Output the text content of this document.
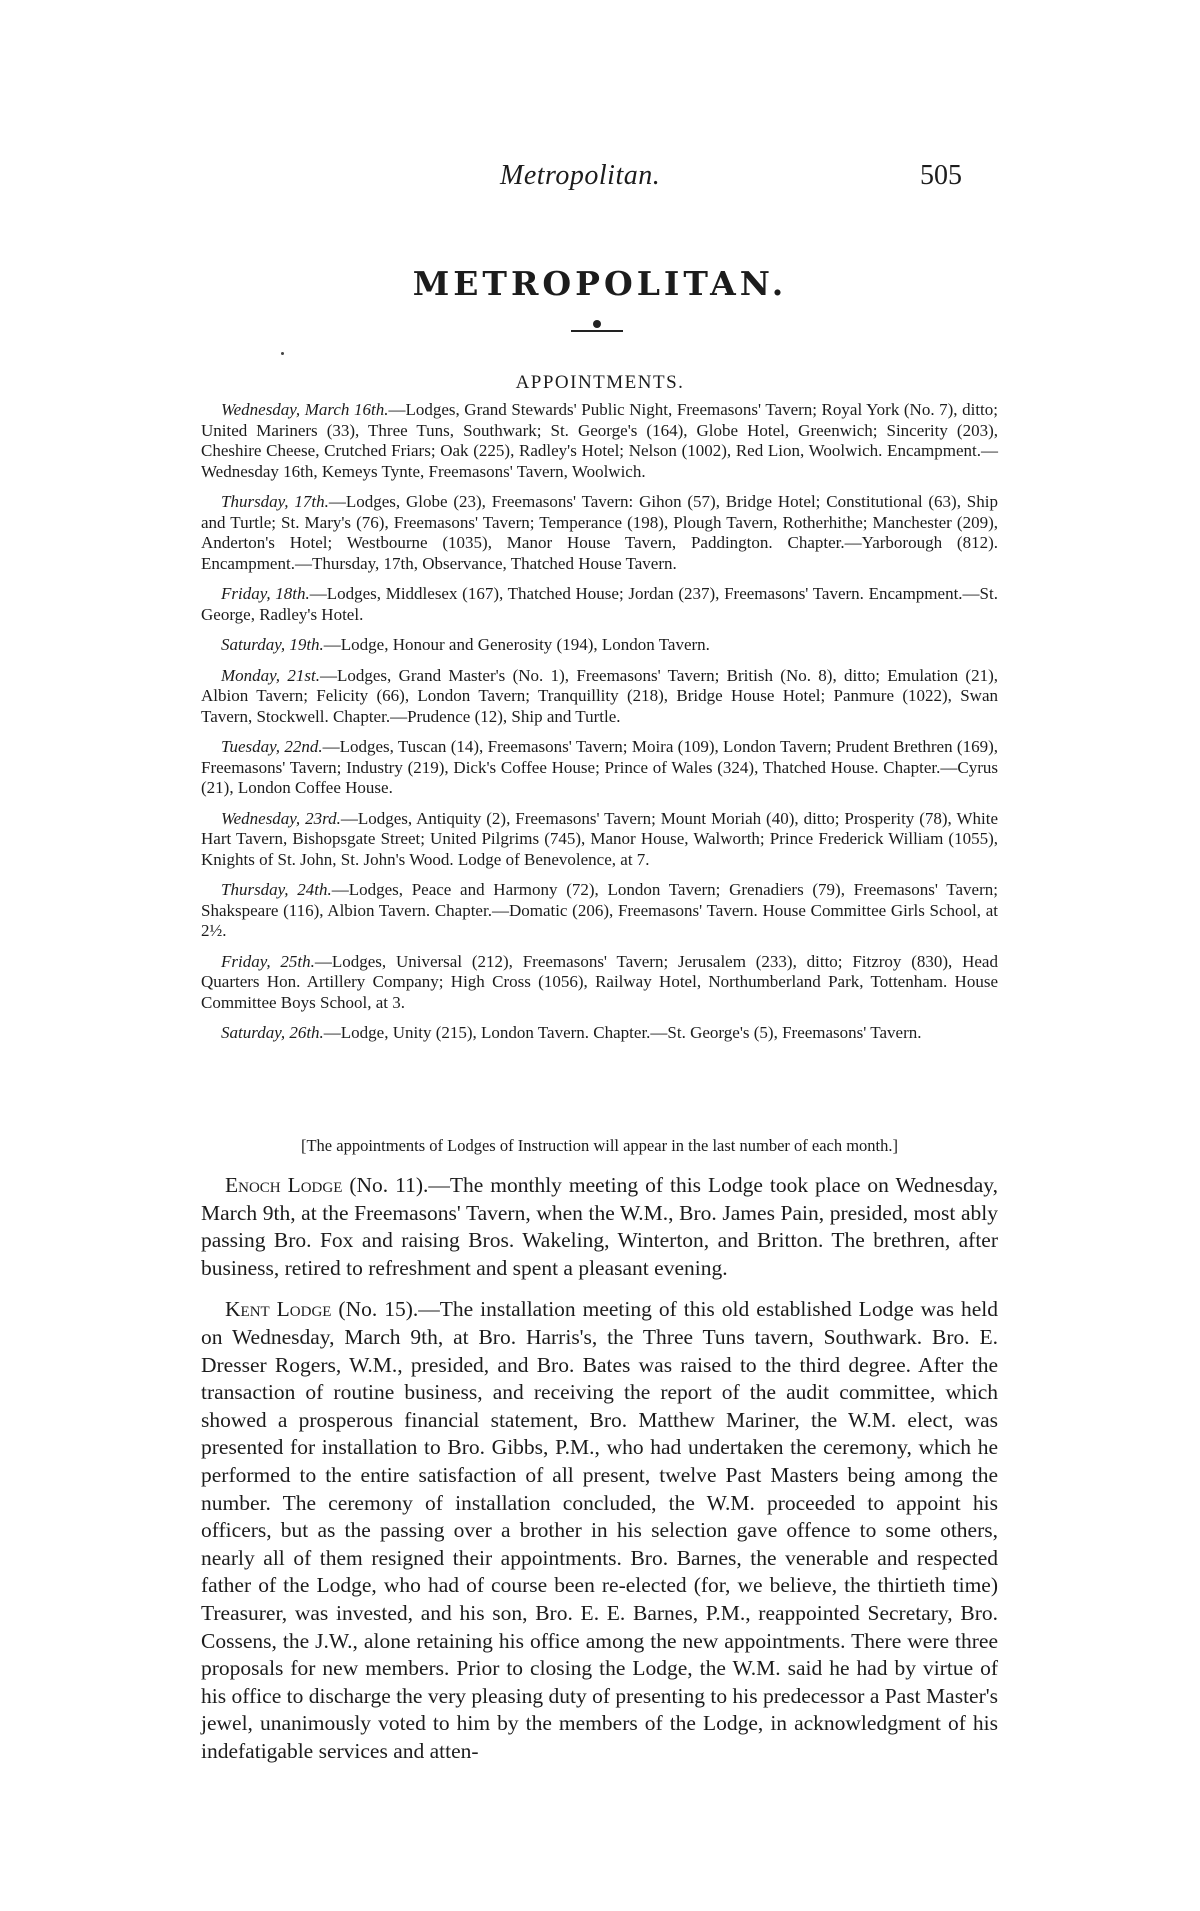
Metropolitan.	505
METROPOLITAN.
APPOINTMENTS.

Wednesday, March 16th.—Lodges, Grand Stewards' Public Night, Freemasons' Tavern; Royal York (No. 7), ditto; United Mariners (33), Three Tuns, Southwark; St. George's (164), Globe Hotel, Greenwich; Sincerity (203), Cheshire Cheese, Crutched Friars; Oak (225), Radley's Hotel; Nelson (1002), Red Lion, Woolwich. Encampment.—Wednesday 16th, Kemeys Tynte, Freemasons' Tavern, Woolwich.

Thursday, 17th.—Lodges, Globe (23), Freemasons' Tavern: Gihon (57), Bridge Hotel; Constitutional (63), Ship and Turtle; St. Mary's (76), Freemasons' Tavern; Temperance (198), Plough Tavern, Rotherhithe; Manchester (209), Anderton's Hotel; Westbourne (1035), Manor House Tavern, Paddington. Chapter.—Yarborough (812). Encampment.—Thursday, 17th, Observance, Thatched House Tavern.

Friday, 18th.—Lodges, Middlesex (167), Thatched House; Jordan (237), Freemasons' Tavern. Encampment.—St. George, Radley's Hotel.

Saturday, 19th.—Lodge, Honour and Generosity (194), London Tavern.

Monday, 21st.—Lodges, Grand Master's (No. 1), Freemasons' Tavern; British (No. 8), ditto; Emulation (21), Albion Tavern; Felicity (66), London Tavern; Tranquillity (218), Bridge House Hotel; Panmure (1022), Swan Tavern, Stockwell. Chapter.—Prudence (12), Ship and Turtle.

Tuesday, 22nd.—Lodges, Tuscan (14), Freemasons' Tavern; Moira (109), London Tavern; Prudent Brethren (169), Freemasons' Tavern; Industry (219), Dick's Coffee House; Prince of Wales (324), Thatched House. Chapter.—Cyrus (21), London Coffee House.

Wednesday, 23rd.—Lodges, Antiquity (2), Freemasons' Tavern; Mount Moriah (40), ditto; Prosperity (78), White Hart Tavern, Bishopsgate Street; United Pilgrims (745), Manor House, Walworth; Prince Frederick William (1055), Knights of St. John, St. John's Wood. Lodge of Benevolence, at 7.

Thursday, 24th.—Lodges, Peace and Harmony (72), London Tavern; Grenadiers (79), Freemasons' Tavern; Shakspeare (116), Albion Tavern. Chapter.—Domatic (206), Freemasons' Tavern. House Committee Girls School, at 2½.

Friday, 25th.—Lodges, Universal (212), Freemasons' Tavern; Jerusalem (233), ditto; Fitzroy (830), Head Quarters Hon. Artillery Company; High Cross (1056), Railway Hotel, Northumberland Park, Tottenham. House Committee Boys School, at 3.

Saturday, 26th.—Lodge, Unity (215), London Tavern. Chapter.—St. George's (5), Freemasons' Tavern.

[The appointments of Lodges of Instruction will appear in the last number of each month.]

Enoch Lodge (No. 11).—The monthly meeting of this Lodge took place on Wednesday, March 9th, at the Freemasons' Tavern, when the W.M., Bro. James Pain, presided, most ably passing Bro. Fox and raising Bros. Wakeling, Winterton, and Britton. The brethren, after business, retired to refreshment and spent a pleasant evening.

Kent Lodge (No. 15).—The installation meeting of this old established Lodge was held on Wednesday, March 9th, at Bro. Harris's, the Three Tuns tavern, Southwark. Bro. E. Dresser Rogers, W.M., presided, and Bro. Bates was raised to the third degree. After the transaction of routine business, and receiving the report of the audit committee, which showed a prosperous financial statement, Bro. Matthew Mariner, the W.M. elect, was presented for installation to Bro. Gibbs, P.M., who had undertaken the ceremony, which he performed to the entire satisfaction of all present, twelve Past Masters being among the number. The ceremony of installation concluded, the W.M. proceeded to appoint his officers, but as the passing over a brother in his selection gave offence to some others, nearly all of them resigned their appointments. Bro. Barnes, the venerable and respected father of the Lodge, who had of course been re-elected (for, we believe, the thirtieth time) Treasurer, was invested, and his son, Bro. E. E. Barnes, P.M., reappointed Secretary, Bro. Cossens, the J.W., alone retaining his office among the new appointments. There were three proposals for new members. Prior to closing the Lodge, the W.M. said he had by virtue of his office to discharge the very pleasing duty of presenting to his predecessor a Past Master's jewel, unanimously voted to him by the members of the Lodge, in acknowledgment of his indefatigable services and atten-
